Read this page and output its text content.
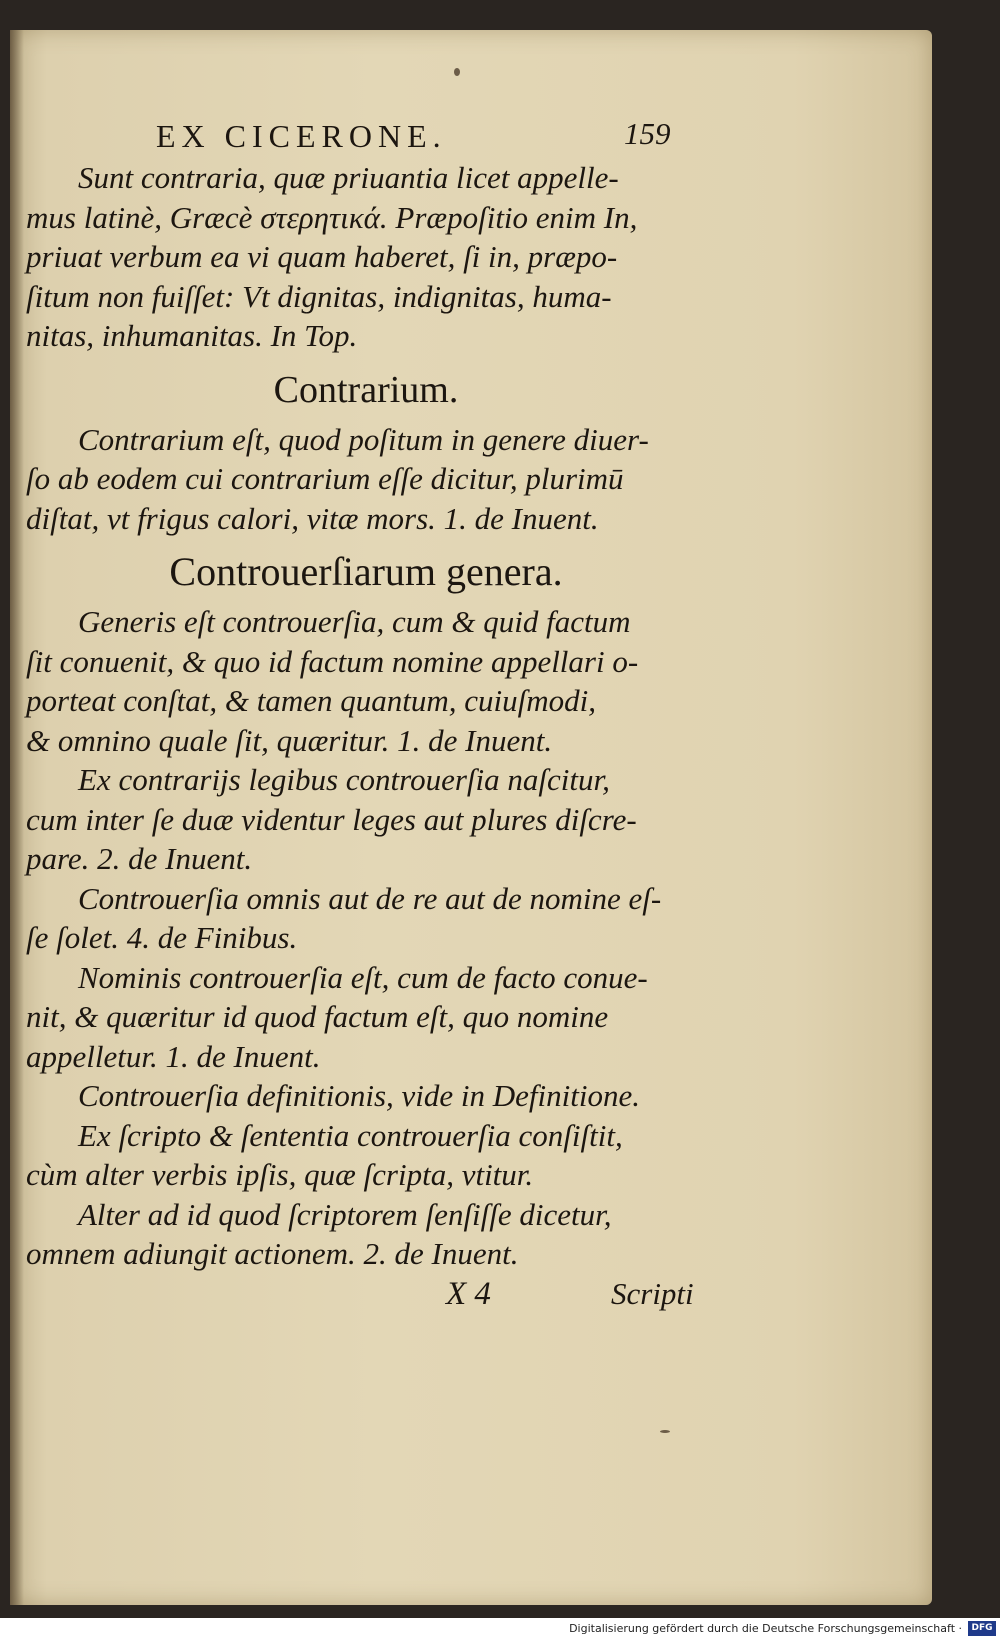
EX CICERONE.	159
Sunt contraria, quæ priuantia licet appelle-
mus latinè, Græcè στερητικά. Præpoſitio enim In,
priuat verbum ea vi quam haberet, ſi in, præpo-
ſitum non fuiſſet: Vt dignitas, indignitas, huma-
nitas, inhumanitas. In Top.
Contrarium.
Contrarium eſt, quod poſitum in genere diuer-
ſo ab eodem cui contrarium eſſe dicitur, plurimū
diſtat, vt frigus calori, vitæ mors. 1. de Inuent.
Controuerſiarum genera.
Generis eſt controuerſia, cum & quid factum
ſit conuenit, & quo id factum nomine appellari o-
porteat conſtat, & tamen quantum, cuiuſmodi,
& omnino quale ſit, quæritur. 1. de Inuent.
Ex contrarijs legibus controuerſia naſcitur,
cum inter ſe duæ videntur leges aut plures diſcre-
pare. 2. de Inuent.
Controuerſia omnis aut de re aut de nomine eſ-
ſe ſolet. 4. de Finibus.
Nominis controuerſia eſt, cum de facto conue-
nit, & quæritur id quod factum eſt, quo nomine
appelletur. 1. de Inuent.
Controuerſia definitionis, vide in Definitione.
Ex ſcripto & ſententia controuerſia conſiſtit,
cùm alter verbis ipſis, quæ ſcripta, vtitur.
Alter ad id quod ſcriptorem ſenſiſſe dicetur,
omnem adiungit actionem. 2. de Inuent.
X 4	Scripti
Digitalisierung gefördert durch die Deutsche Forschungsgemeinschaft ·	DFG
